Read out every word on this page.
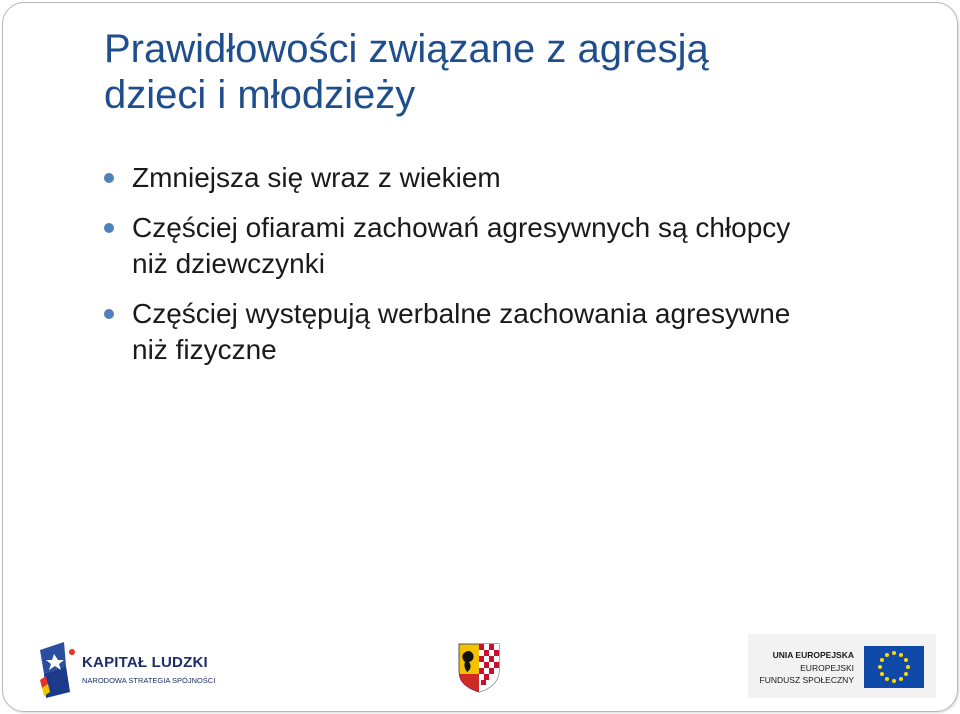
Prawidłowości związane z agresją
dzieci i młodzieży
Zmniejsza się wraz z wiekiem
Częściej ofiarami zachowań agresywnych są chłopcy
niż dziewczynki
Częściej występują werbalne zachowania agresywne
niż fizyczne
KAPITAŁ LUDZKI
NARODOWA STRATEGIA SPÓJNOŚCI
UNIA EUROPEJSKA
EUROPEJSKI
FUNDUSZ SPOŁECZNY
